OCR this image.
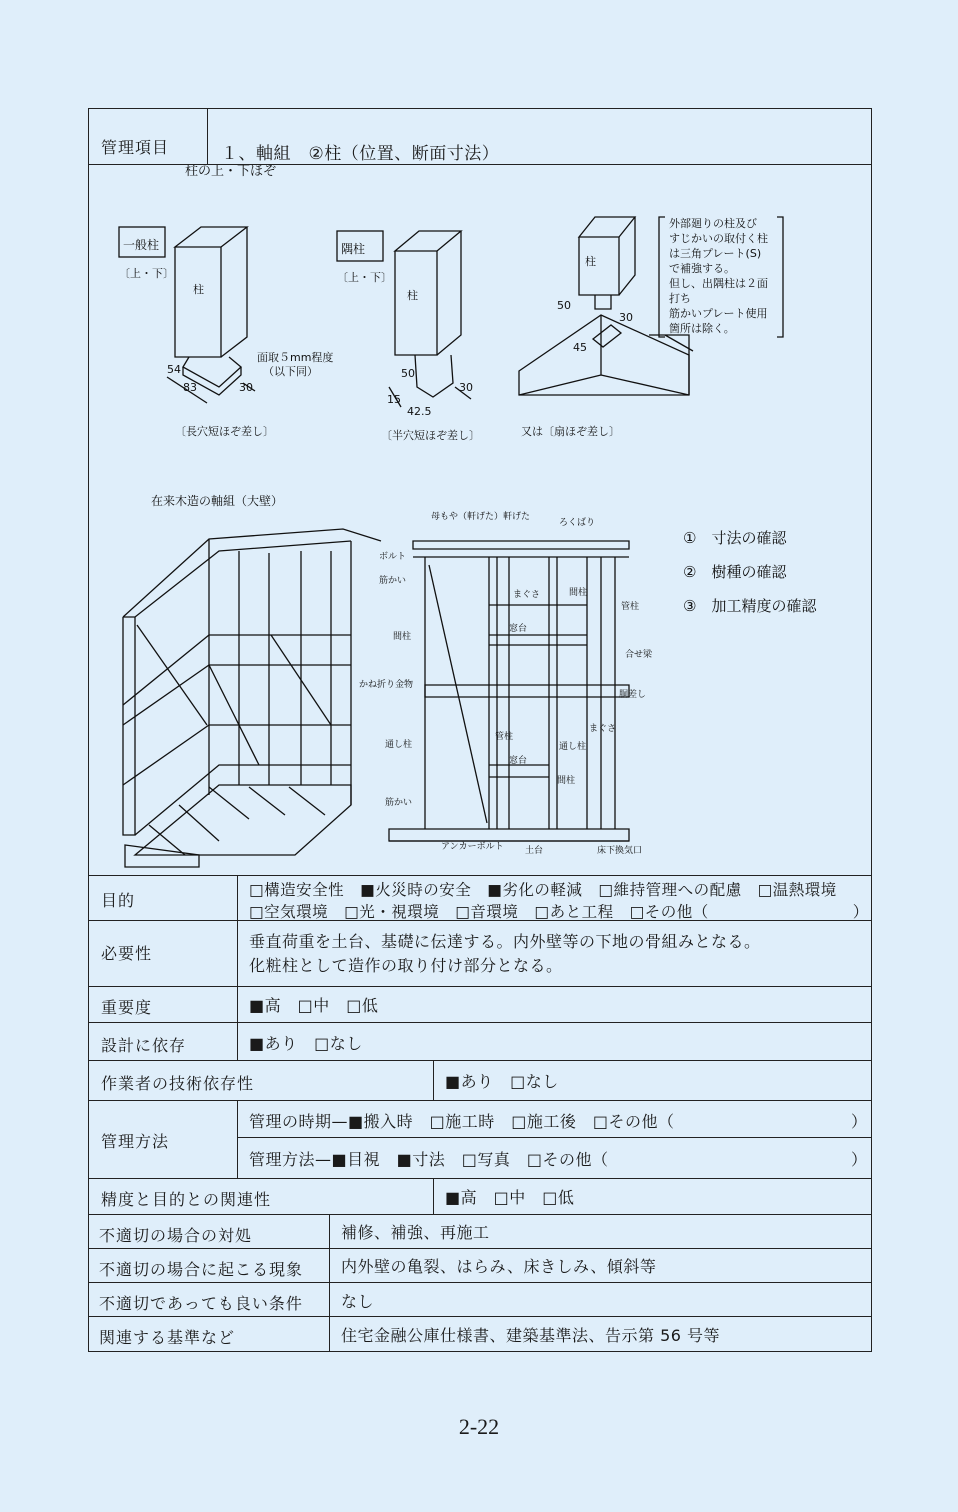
管理項目	１、軸組　②柱（位置、断面寸法）
柱の上・下ほぞ
一般柱
〔上・下〕
柱
面取５mm程度
（以下同）
54
83	30
〔長穴短ほぞ差し〕
隅柱
〔上・下〕
柱
50
15
42.5
30
〔半穴短ほぞ差し〕
柱
50
45
30
又は〔扇ほぞ差し〕
外部廻りの柱及び
すじかいの取付く柱
は三角プレート(S)
で補強する。
但し、出隅柱は２面
打ち
筋かいプレート使用
箇所は除く。
在来木造の軸組（大壁）
母もや（軒げた） 軒げた
ろくばり
ボルト
筋かい
間柱
かね折り金物
通し柱
筋かい
まぐさ	間柱
窓台
管柱
窓台
まぐさ
通し柱
間柱
管柱
合せ梁
胴差し
アンカーボルト 土台	床下換気口
①　寸法の確認
②　樹種の確認
③　加工精度の確認
目的
□構造安全性　■火災時の安全　■劣化の軽減　□維持管理への配慮　□温熱環境
□空気環境　□光・視環境　□音環境　□あと工程　□その他（　　　　　　　　　）
必要性
垂直荷重を土台、基礎に伝達する。内外壁等の下地の骨組みとなる。
化粧柱として造作の取り付け部分となる。
重要度	■高　□中　□低
設計に依存	■あり　□なし
作業者の技術依存性	■あり　□なし
管理方法
管理の時期—■搬入時　□施工時　□施工後　□その他（	）
管理方法—■目視　■寸法　□写真　□その他（	）
精度と目的との関連性	■高　□中　□低
不適切の場合の対処	補修、補強、再施工
不適切の場合に起こる現象 内外壁の亀裂、はらみ、床きしみ、傾斜等
不適切であっても良い条件 なし
関連する基準など	住宅金融公庫仕様書、建築基準法、告示第 56 号等
2-22
